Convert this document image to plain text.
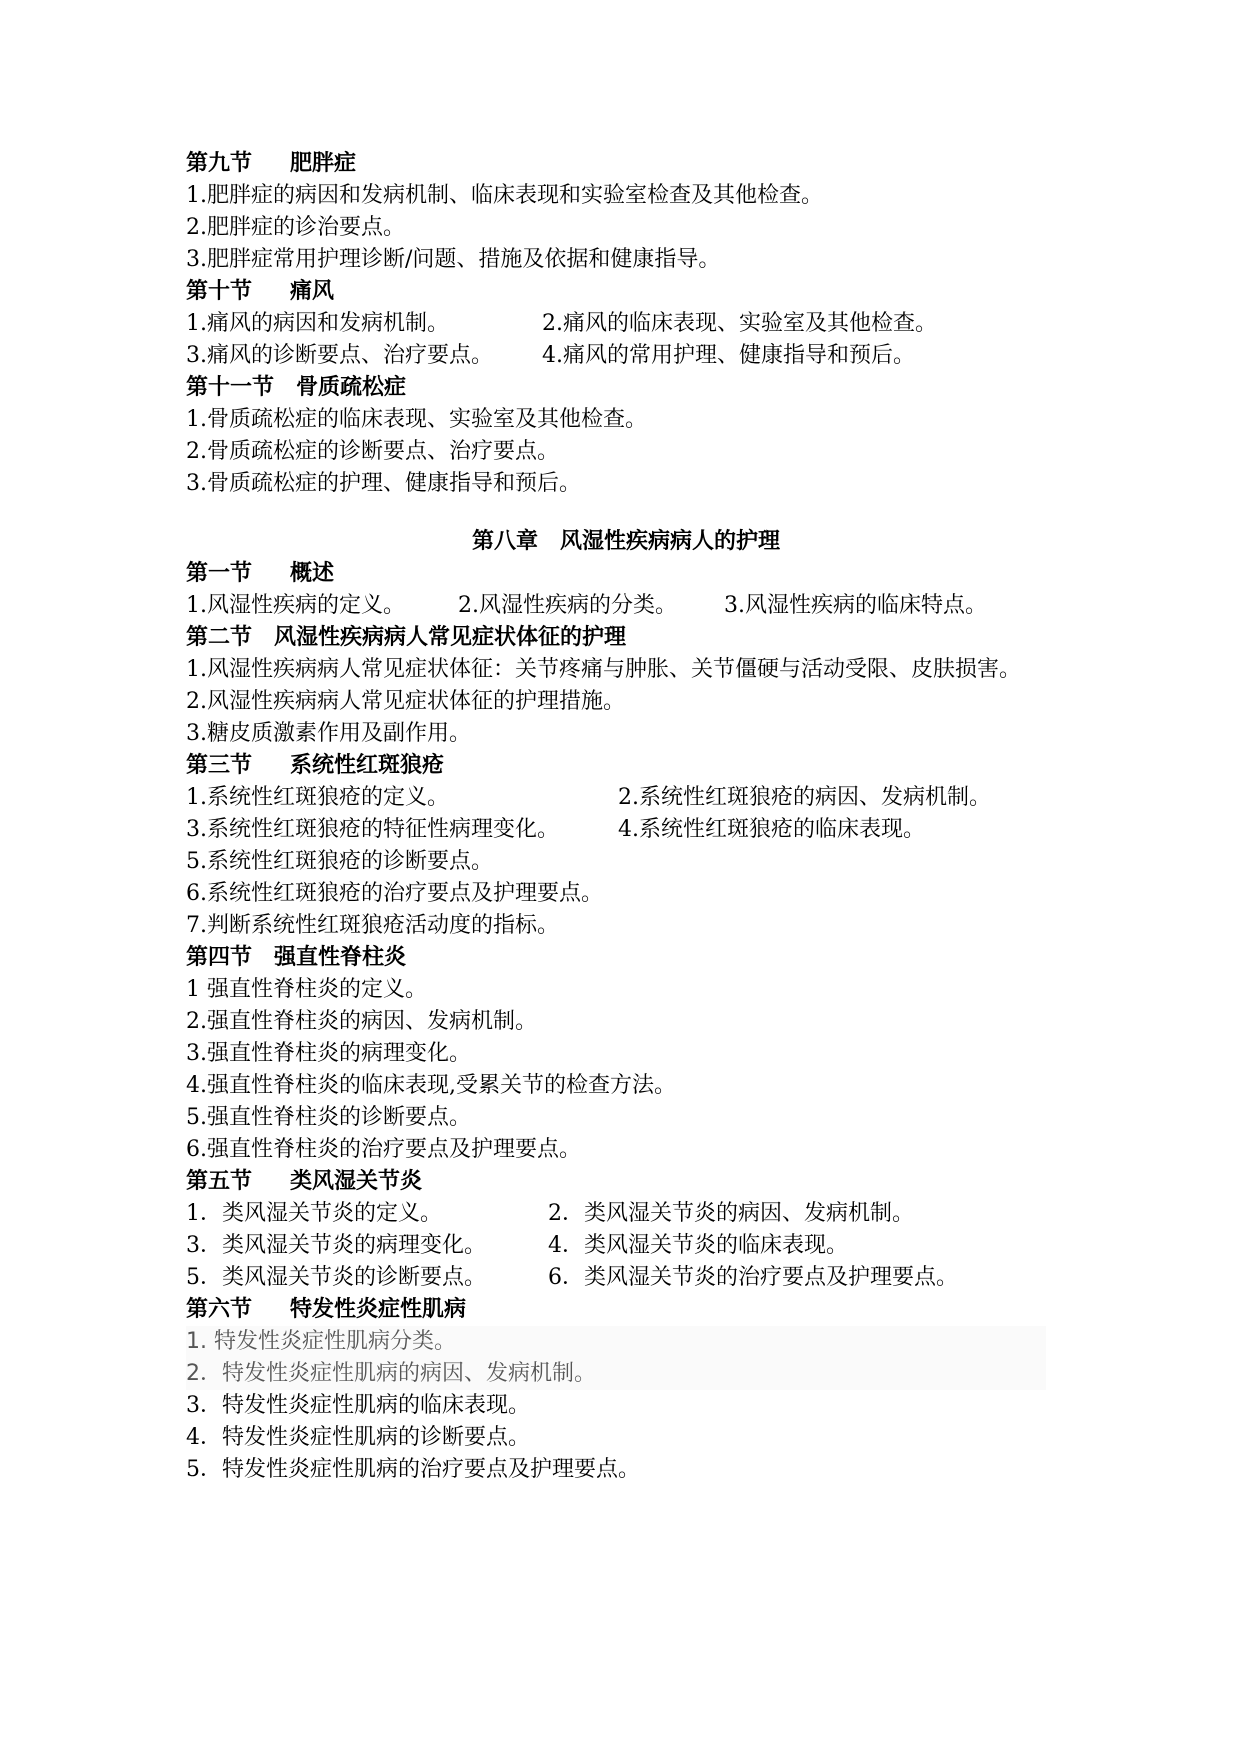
第九节 肥胖症
1.肥胖症的病因和发病机制、临床表现和实验室检查及其他检查。
2.肥胖症的诊治要点。
3.肥胖症常用护理诊断/问题、措施及依据和健康指导。
第十节 痛风
1.痛风的病因和发病机制。	2.痛风的临床表现、实验室及其他检查。
3.痛风的诊断要点、治疗要点。 4.痛风的常用护理、健康指导和预后。
第十一节 骨质疏松症
1.骨质疏松症的临床表现、实验室及其他检查。
2.骨质疏松症的诊断要点、治疗要点。
3.骨质疏松症的护理、健康指导和预后。
第八章　风湿性疾病病人的护理
第一节 概述
1.风湿性疾病的定义。 2.风湿性疾病的分类。 3.风湿性疾病的临床特点。
第二节 风湿性疾病病人常见症状体征的护理
1.风湿性疾病病人常见症状体征：关节疼痛与肿胀、关节僵硬与活动受限、皮肤损害。
2.风湿性疾病病人常见症状体征的护理措施。
3.糖皮质激素作用及副作用。
第三节 系统性红斑狼疮
1.系统性红斑狼疮的定义。	2.系统性红斑狼疮的病因、发病机制。
3.系统性红斑狼疮的特征性病理变化。	4.系统性红斑狼疮的临床表现。
5.系统性红斑狼疮的诊断要点。
6.系统性红斑狼疮的治疗要点及护理要点。
7.判断系统性红斑狼疮活动度的指标。
第四节 强直性脊柱炎
1 强直性脊柱炎的定义。
2.强直性脊柱炎的病因、发病机制。
3.强直性脊柱炎的病理变化。
4.强直性脊柱炎的临床表现,受累关节的检查方法。
5.强直性脊柱炎的诊断要点。
6.强直性脊柱炎的治疗要点及护理要点。
第五节 类风湿关节炎
1．类风湿关节炎的定义。	2．类风湿关节炎的病因、发病机制。
3．类风湿关节炎的病理变化。	4．类风湿关节炎的临床表现。
5．类风湿关节炎的诊断要点。	6．类风湿关节炎的治疗要点及护理要点。
第六节 特发性炎症性肌病
1. 特发性炎症性肌病分类。
2．特发性炎症性肌病的病因、发病机制。
3．特发性炎症性肌病的临床表现。
4．特发性炎症性肌病的诊断要点。
5．特发性炎症性肌病的治疗要点及护理要点。
